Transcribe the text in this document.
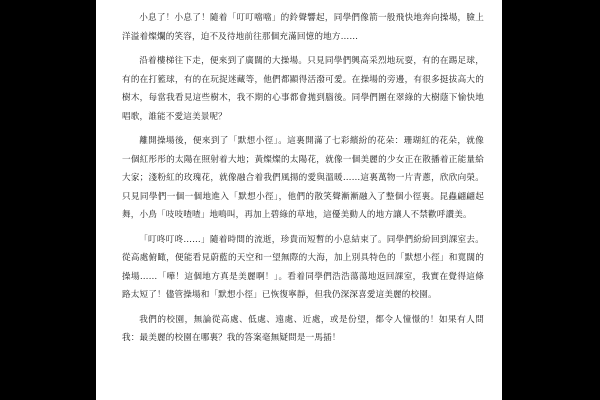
小息了！小息了！隨着「叮叮噹噹」的鈴聲響起，同學們像箭一般飛快地奔向操場，臉上洋溢着燦爛的笑容，迫不及待地前往那個充滿回憶的地方……

沿着樓梯往下走，便來到了廣闊的大操場。只見同學們興高采烈地玩耍，有的在踢足球，有的在打籃球，有的在玩捉迷藏等，他們都顯得活潑可愛。在操場的旁邊，有很多挺拔高大的樹木，每當我看見這些樹木，我不期的心事都會拋到腦後。同學們圍在翠綠的大樹蔭下愉快地唱歌，誰能不愛這美景呢？

離開操場後，便來到了「默想小徑」。這裏開滿了七彩繽紛的花朵：珊瑚紅的花朵，就像一個紅彤彤的太陽在照射着大地；黃燦燦的太陽花，就像一個美麗的少女正在散播着正能量給大家；淺粉紅的玫瑰花，就像融合着我們風揚的愛與溫暖……這裏萬物一片青蔥，欣欣向榮。只見同學們一個一個地進入「默想小徑」，他們的散笑聲漸漸融入了整個小徑裏。昆蟲翩翩起舞，小鳥「吱吱喳喳」地鳴叫，再加上碧綠的草地，這優美動人的地方讓人不禁歡呼讚美。

「叮咚叮咚……」隨着時間的流逝，珍貴而短暫的小息結束了。同學們紛紛回到課室去。從高處俯瞰，便能看見蔚藍的天空和一望無際的大海，加上別具特色的「默想小徑」和寬闊的操場……「嘩！這個地方真是美麗啊！」。看着同學們浩浩蕩蕩地返回課室，我實在覺得這條路太短了！儘管操場和「默想小徑」已恢復寧靜，但我仍深深喜愛這美麗的校園。

我們的校園，無論從高處、低處、遠處、近處，或是份望，都令人憧憬的！如果有人問我：最美麗的校園在哪裏？我的答案毫無疑問是一馬插！
